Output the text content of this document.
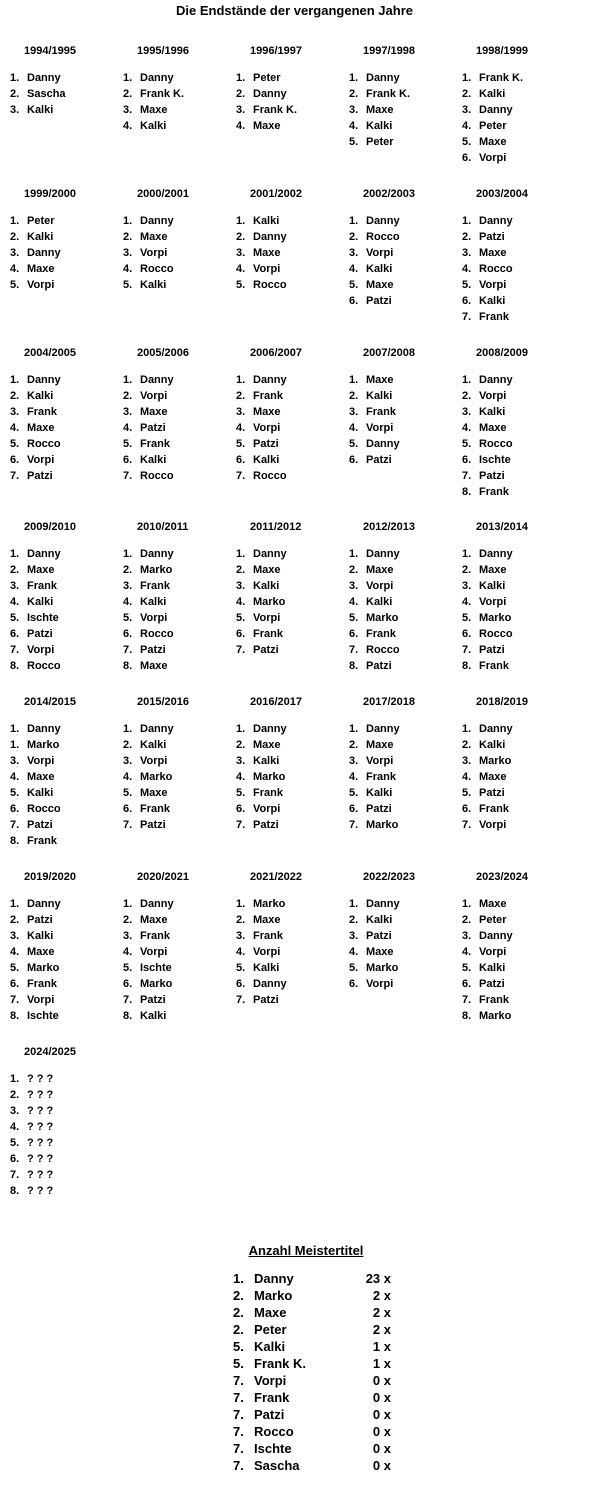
Die Endstände der vergangenen Jahre
1994/1995
1. Danny
2. Sascha
3. Kalki
1995/1996
1. Danny
2. Frank K.
3. Maxe
4. Kalki
1996/1997
1. Peter
2. Danny
3. Frank K.
4. Maxe
1997/1998
1. Danny
2. Frank K.
3. Maxe
4. Kalki
5. Peter
1998/1999
1. Frank K.
2. Kalki
3. Danny
4. Peter
5. Maxe
6. Vorpi
1999/2000
1. Peter
2. Kalki
3. Danny
4. Maxe
5. Vorpi
2000/2001
1. Danny
2. Maxe
3. Vorpi
4. Rocco
5. Kalki
2001/2002
1. Kalki
2. Danny
3. Maxe
4. Vorpi
5. Rocco
2002/2003
1. Danny
2. Rocco
3. Vorpi
4. Kalki
5. Maxe
6. Patzi
2003/2004
1. Danny
2. Patzi
3. Maxe
4. Rocco
5. Vorpi
6. Kalki
7. Frank
2004/2005
1. Danny
2. Kalki
3. Frank
4. Maxe
5. Rocco
6. Vorpi
7. Patzi
2005/2006
1. Danny
2. Vorpi
3. Maxe
4. Patzi
5. Frank
6. Kalki
7. Rocco
2006/2007
1. Danny
2. Frank
3. Maxe
4. Vorpi
5. Patzi
6. Kalki
7. Rocco
2007/2008
1. Maxe
2. Kalki
3. Frank
4. Vorpi
5. Danny
6. Patzi
2008/2009
1. Danny
2. Vorpi
3. Kalki
4. Maxe
5. Rocco
6. Ischte
7. Patzi
8. Frank
2009/2010
1. Danny
2. Maxe
3. Frank
4. Kalki
5. Ischte
6. Patzi
7. Vorpi
8. Rocco
2010/2011
1. Danny
2. Marko
3. Frank
4. Kalki
5. Vorpi
6. Rocco
7. Patzi
8. Maxe
2011/2012
1. Danny
2. Maxe
3. Kalki
4. Marko
5. Vorpi
6. Frank
7. Patzi
2012/2013
1. Danny
2. Maxe
3. Vorpi
4. Kalki
5. Marko
6. Frank
7. Rocco
8. Patzi
2013/2014
1. Danny
2. Maxe
3. Kalki
4. Vorpi
5. Marko
6. Rocco
7. Patzi
8. Frank
2014/2015
1. Danny
1. Marko
3. Vorpi
4. Maxe
5. Kalki
6. Rocco
7. Patzi
8. Frank
2015/2016
1. Danny
2. Kalki
3. Vorpi
4. Marko
5. Maxe
6. Frank
7. Patzi
2016/2017
1. Danny
2. Maxe
3. Kalki
4. Marko
5. Frank
6. Vorpi
7. Patzi
2017/2018
1. Danny
2. Maxe
3. Vorpi
4. Frank
5. Kalki
6. Patzi
7. Marko
2018/2019
1. Danny
2. Kalki
3. Marko
4. Maxe
5. Patzi
6. Frank
7. Vorpi
2019/2020
1. Danny
2. Patzi
3. Kalki
4. Maxe
5. Marko
6. Frank
7. Vorpi
8. Ischte
2020/2021
1. Danny
2. Maxe
3. Frank
4. Vorpi
5. Ischte
6. Marko
7. Patzi
8. Kalki
2021/2022
1. Marko
2. Maxe
3. Frank
4. Vorpi
5. Kalki
6. Danny
7. Patzi
2022/2023
1. Danny
2. Kalki
3. Patzi
4. Maxe
5. Marko
6. Vorpi
2023/2024
1. Maxe
2. Peter
3. Danny
4. Vorpi
5. Kalki
6. Patzi
7. Frank
8. Marko
2024/2025
1. ? ? ?
2. ? ? ?
3. ? ? ?
4. ? ? ?
5. ? ? ?
6. ? ? ?
7. ? ? ?
8. ? ? ?
Anzahl Meistertitel
1. Danny	23 x
2. Marko	2 x
2. Maxe	2 x
2. Peter	2 x
5. Kalki	1 x
5. Frank K.	1 x
7. Vorpi	0 x
7. Frank	0 x
7. Patzi	0 x
7. Rocco	0 x
7. Ischte	0 x
7. Sascha	0 x
